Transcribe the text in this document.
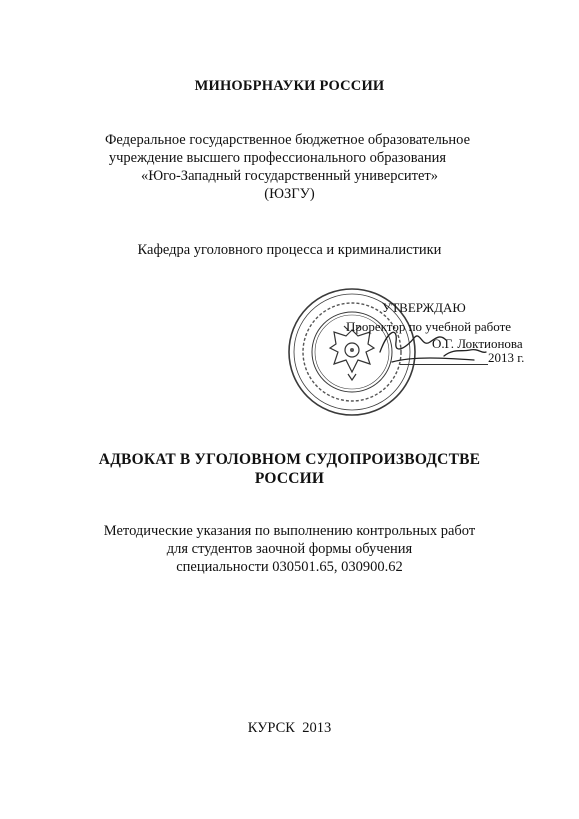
МИНОБРНАУКИ РОССИИ
Федеральное государственное бюджетное образовательное
учреждение высшего профессионального образования
«Юго-Западный государственный университет»
(ЮЗГУ)
Кафедра уголовного процесса и криминалистики
УТВЕРЖДАЮ
Проректор по учебной работе
О.Г. Локтионова
2013 г.
АДВОКАТ В УГОЛОВНОМ СУДОПРОИЗВОДСТВЕ
РОССИИ
Методические указания по выполнению контрольных работ
для студентов заочной формы обучения
специальности 030501.65, 030900.62
КУРСК  2013
